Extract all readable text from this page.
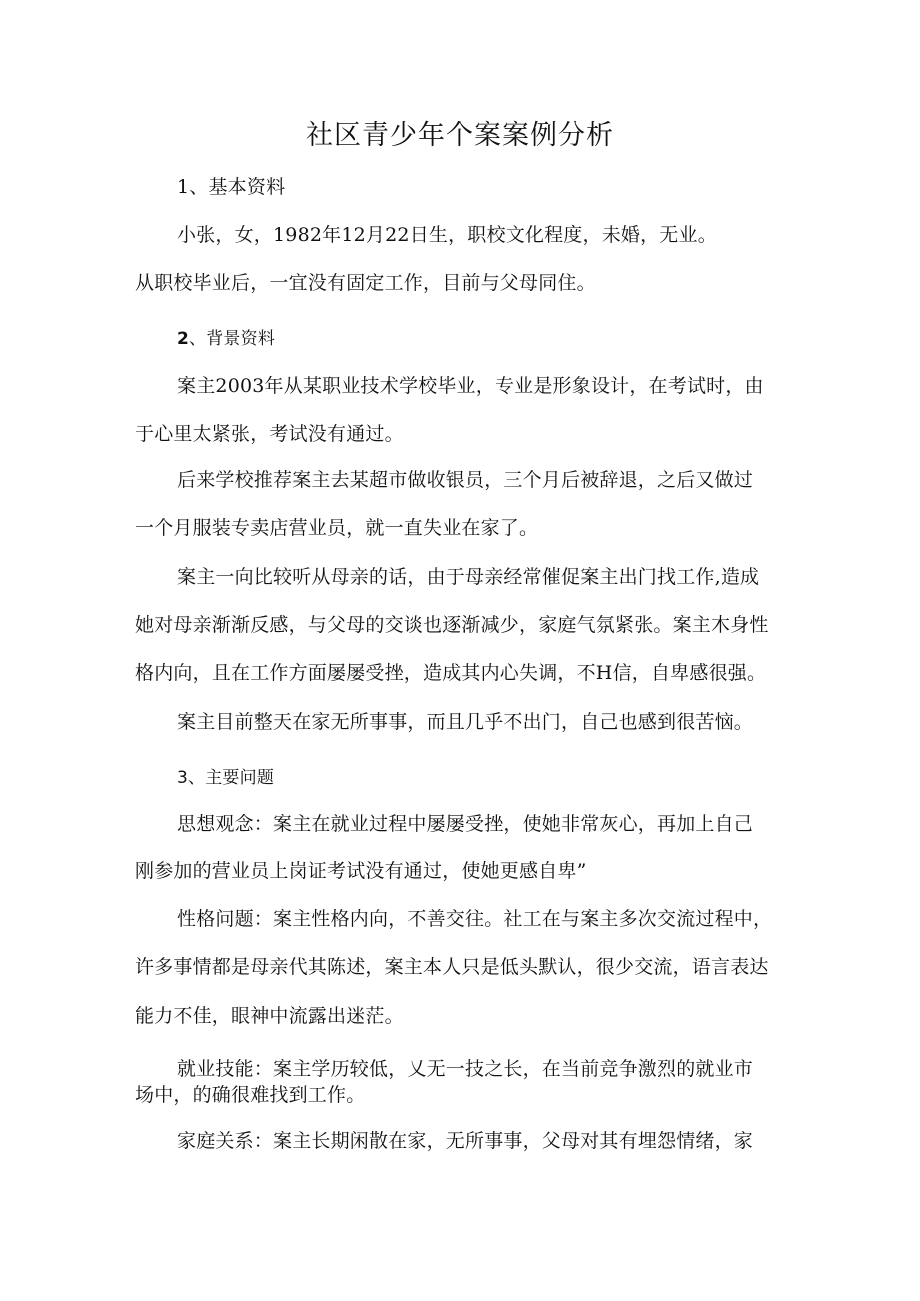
社区青少年个案案例分析
1、基本资料
小张，女，1982年12月22日生，职校文化程度，未婚，无业。
从职校毕业后，一宜没有固定工作，目前与父母同住。
2、背景资料
案主2003年从某职业技术学校毕业，专业是形象设计，在考试时，由
于心里太紧张，考试没有通过。
后来学校推荐案主去某超市做收银员，三个月后被辞退，之后又做过
一个月服装专卖店营业员，就一直失业在家了。
案主一向比较听从母亲的话，由于母亲经常催促案主出门找工作,造成
她对母亲渐渐反感，与父母的交谈也逐渐减少，家庭气氛紧张。案主木身性
格内向，且在工作方面屡屡受挫，造成其内心失调，不H信，自卑感很强。
案主目前整天在家无所事事，而且几乎不出门，自己也感到很苦恼。
3、主要问题
思想观念：案主在就业过程中屡屡受挫，使她非常灰心，再加上自己
刚参加的营业员上岗证考试没有通过，使她更感自卑”
性格问题：案主性格内向，不善交往。社工在与案主多次交流过程中，
许多事情都是母亲代其陈述，案主本人只是低头默认，很少交流，语言表达
能力不佳，眼神中流露出迷茫。
就业技能：案主学历较低，乂无一技之长，在当前竞争激烈的就业市
场中，的确很难找到工作。
家庭关系：案主长期闲散在家，无所事事，父母对其有埋怨情绪，家
